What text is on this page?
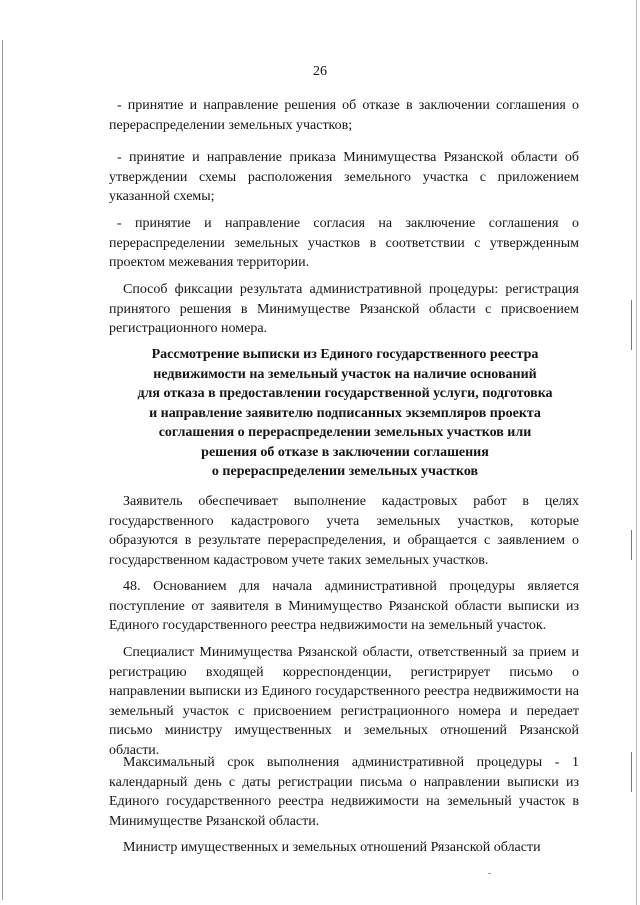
26

- принятие и направление решения об отказе в заключении соглашения о перераспределении земельных участков;

- принятие и направление приказа Минимущества Рязанской области об утверждении схемы расположения земельного участка с приложением указанной схемы;

- принятие и направление согласия на заключение соглашения о перераспределении земельных участков в соответствии с утвержденным проектом межевания территории.

Способ фиксации результата административной процедуры: регистрация принятого решения в Минимуществе Рязанской области с присвоением регистрационного номера.

Рассмотрение выписки из Единого государственного реестра
недвижимости на земельный участок на наличие оснований
для отказа в предоставлении государственной услуги, подготовка
и направление заявителю подписанных экземпляров проекта
соглашения о перераспределении земельных участков или
решения об отказе в заключении соглашения
о перераспределении земельных участков

Заявитель обеспечивает выполнение кадастровых работ в целях государственного кадастрового учета земельных участков, которые образуются в результате перераспределения, и обращается с заявлением о государственном кадастровом учете таких земельных участков.

48. Основанием для начала административной процедуры является поступление от заявителя в Минимущество Рязанской области выписки из Единого государственного реестра недвижимости на земельный участок.

Специалист Минимущества Рязанской области, ответственный за прием и регистрацию входящей корреспонденции, регистрирует письмо о направлении выписки из Единого государственного реестра недвижимости на земельный участок с присвоением регистрационного номера и передает письмо министру имущественных и земельных отношений Рязанской области.

Максимальный срок выполнения административной процедуры - 1 календарный день с даты регистрации письма о направлении выписки из Единого государственного реестра недвижимости на земельный участок в Минимуществе Рязанской области.

Министр имущественных и земельных отношений Рязанской области
